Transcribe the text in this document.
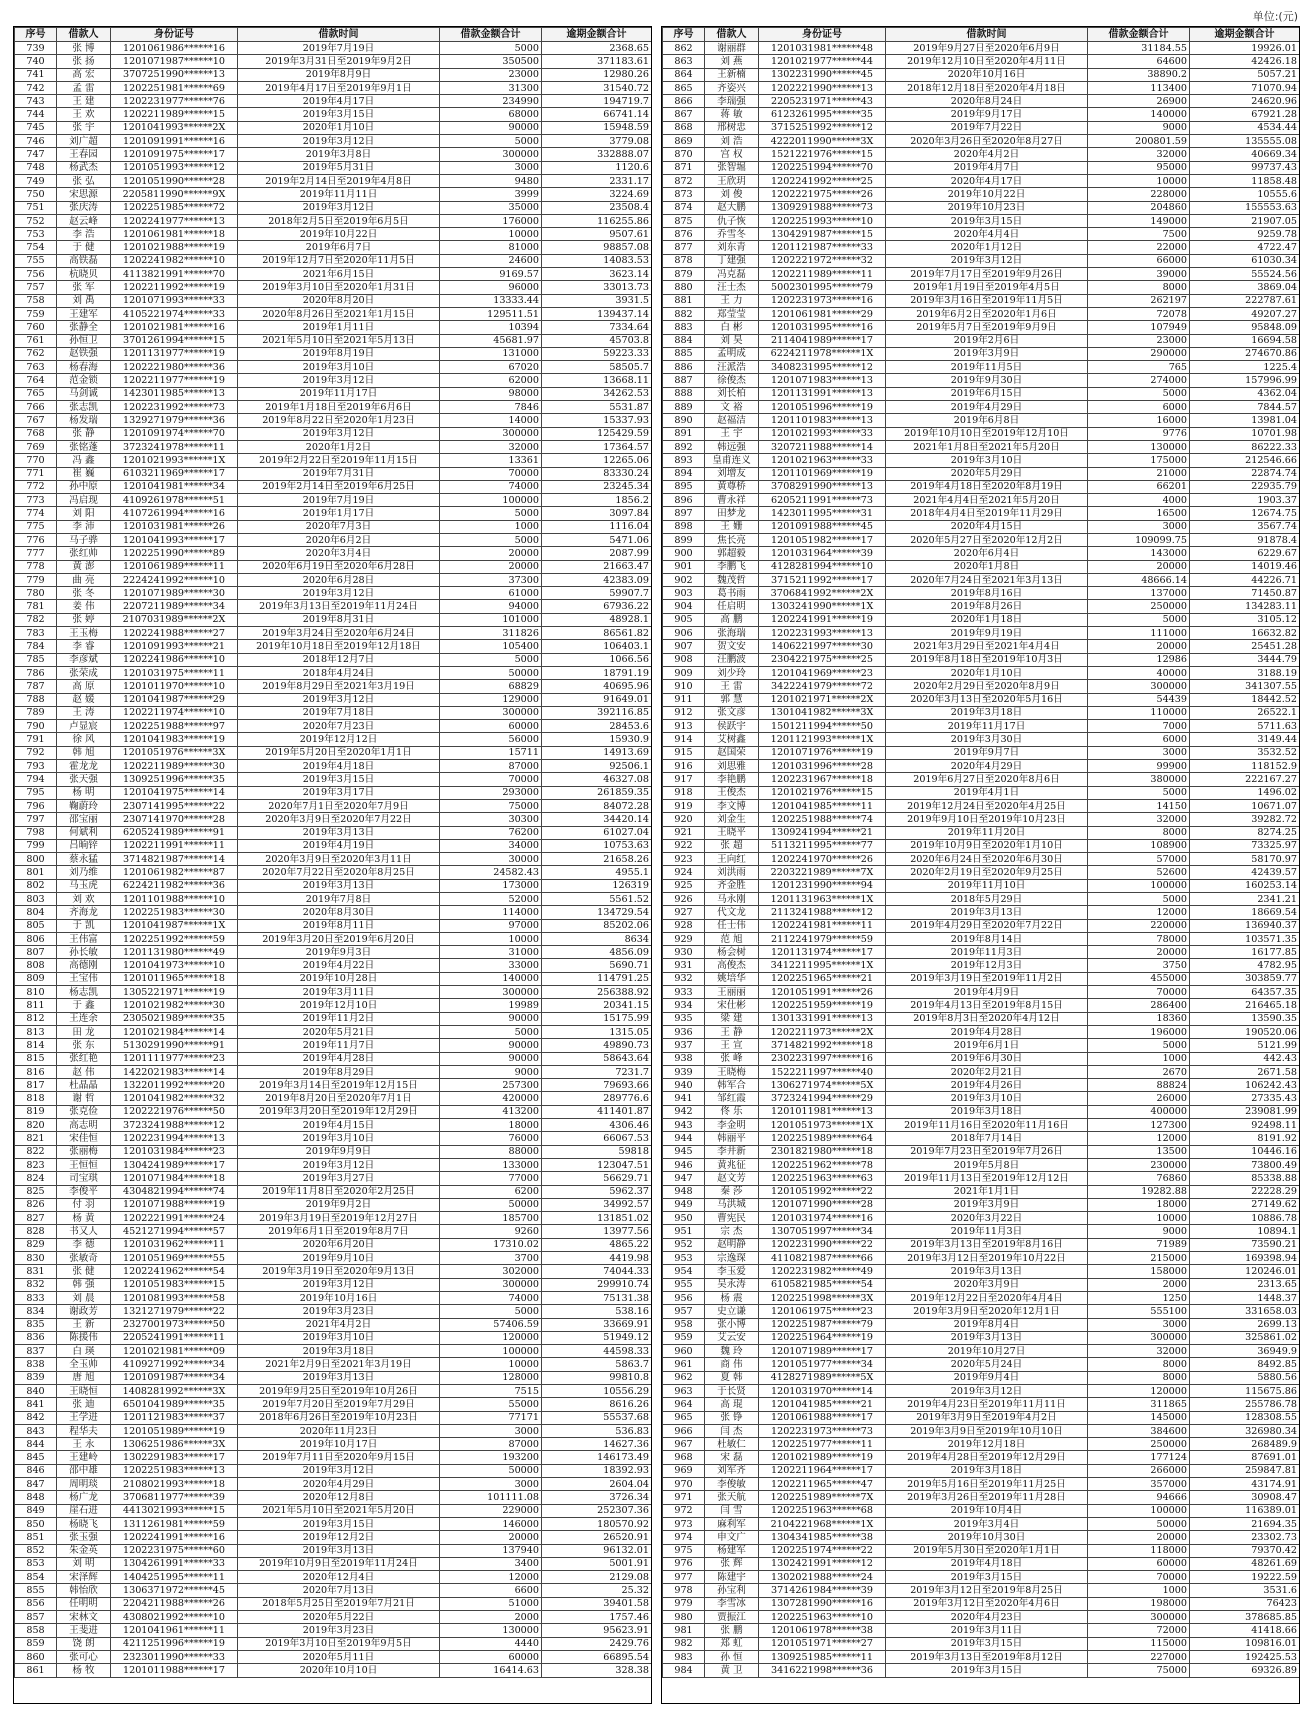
单位:(元)
序号	借款人	身份证号	借款时间	借款金额合计	逾期金额合计
739	张 博	1201061986******16	2019年7月19日	5000	2368.65
740	张 扬	1201071987******10	2019年3月31日至2019年9月2日	350500	371183.61
741	高 宏	3707251990******13	2019年8月9日	23000	12980.26
742	孟 雷	1202251981******69	2019年4月17日至2019年9月1日	31300	31540.72
743	王 建	1202231977******76	2019年4月17日	234990	194719.7
744	王 欢	1202211989******15	2019年3月15日	68000	66741.14
745	张 宇	1201041993******2X	2020年1月10日	90000	15948.59
746	刘广超	1201091991******16	2019年3月12日	5000	3779.08
747	王春园	1201091975******17	2019年3月8日	300000	332888.07
748	杨武杰	1201051993******12	2019年5月31日	3000	1120.6
749	张 弘	1201051990******28	2019年2月14日至2019年4月8日	9480	2331.17
750	宋思源	2205811990******9X	2019年11月11日	3999	3224.69
751	张庆涛	1202251985******72	2019年3月12日	35000	23508.4
752	赵云峰	1202241977******13	2018年2月5日至2019年6月5日	176000	116255.86
753	李 浩	1201061981******18	2019年10月22日	10000	9507.61
754	于 健	1201021988******19	2019年6月7日	81000	98857.08
755	高铁磊	1202241982******10	2019年12月7日至2020年11月5日	24600	14083.53
756	杭晓贝	4113821991******70	2021年6月15日	9169.57	3623.14
757	张 军	1202211992******19	2019年3月10日至2020年1月31日	96000	33013.73
758	刘 禹	1201071993******33	2020年8月20日	13333.44	3931.5
759	王建军	4105221974******33	2020年8月26日至2021年1月15日	129511.51	139437.14
760	张静全	1201021981******16	2019年1月11日	10394	7334.64
761	孙恒卫	3701261994******15	2021年5月10日至2021年5月13日	45681.97	45703.8
762	赵铁强	1201131977******19	2019年8月19日	131000	59223.33
763	杨春海	1202221980******36	2019年3月10日	67020	58505.7
764	范金锁	1202211977******19	2019年3月12日	62000	13668.11
765	马剑诚	1423011985******13	2019年11月17日	98000	34262.53
766	张志凯	1202231992******73	2019年1月18日至2019年6月6日	7846	5531.87
767	杨发瑞	1329271979******36	2019年8月22日至2020年1月23日	14000	15337.93
768	张 静	1201091974******70	2019年3月12日	300000	125429.59
769	张铭蓬	3723241978******11	2020年1月2日	32000	17364.57
770	冯 鑫	1201021993******1X	2019年2月22日至2019年11月15日	13361	12265.06
771	崔 巍	6103211969******17	2019年7月31日	70000	83330.24
772	孙中原	1201041981******34	2019年2月14日至2019年6月25日	74000	23245.34
773	冯启现	4109261978******51	2019年7月19日	100000	1856.2
774	刘 阳	4107261994******16	2019年1月17日	5000	3097.84
775	李 沛	1201031981******26	2020年7月3日	1000	1116.04
776	马子骅	1201041993******17	2020年6月2日	5000	5471.06
777	张红帅	1202251990******89	2020年3月4日	20000	2087.99
778	黄 澎	1201061989******11	2020年6月19日至2020年6月28日	20000	21663.47
779	曲 亮	2224241992******10	2020年6月28日	37300	42383.09
780	张 冬	1201071989******30	2019年3月12日	61000	59907.7
781	姜 伟	2207211989******34	2019年3月13日至2019年11月24日	94000	67936.22
782	张 婷	2107031989******2X	2019年8月31日	101000	48928.1
783	王玉梅	1202241988******27	2019年3月24日至2020年6月24日	311826	86561.82
784	李 睿	1201091993******21	2019年10月18日至2019年12月18日	105400	106403.1
785	李彦斌	1202241986******10	2018年12月7日	5000	1066.56
786	张荣成	1201031975******11	2018年4月24日	50000	18791.19
787	高 原	1201011970******10	2019年8月29日至2021年3月19日	68829	40695.96
788	赵 媛	1201041987******29	2019年3月12日	129000	91649.01
789	王 涛	1202211974******10	2019年7月18日	300000	392116.85
790	卢显宸	1202251988******97	2020年7月23日	60000	28453.6
791	徐 风	1201041983******19	2019年12月12日	56000	15930.9
792	韩 旭	1201051976******3X	2019年5月20日至2020年1月1日	15711	14913.69
793	霍龙龙	1202211989******30	2019年4月18日	87000	92506.1
794	张天强	1309251996******35	2019年3月15日	70000	46327.08
795	杨 明	1201041975******14	2019年3月17日	293000	261859.35
796	鞠蔚玲	2307141995******22	2020年7月1日至2020年7月9日	75000	84072.28
797	邵宝丽	2307141970******28	2020年3月9日至2020年7月22日	30300	34420.14
798	何斌利	6205241989******91	2019年3月13日	76200	61027.04
799	吕晌锌	1202211991******11	2019年4月19日	34000	10753.63
800	蔡永猛	3714821987******14	2020年3月9日至2020年3月11日	30000	21658.26
801	刘乃维	1201061982******87	2020年7月22日至2020年8月25日	24582.43	4955.1
802	马玉虎	6224211982******36	2019年3月13日	173000	126319
803	刘 欢	1201101988******10	2019年7月8日	52000	5561.52
804	齐海龙	1202251983******30	2020年8月30日	114000	134729.54
805	于 凯	1201041987******1X	2019年8月11日	97000	85202.06
806	王伟富	1202251992******59	2019年3月20日至2019年6月20日	10000	8634
807	孙长敏	1201131980******49	2019年9月3日	31000	4856.09
808	高德刚	1201041973******10	2019年4月22日	33000	5690.71
809	王宝伟	1201011965******18	2019年10月28日	140000	114791.25
810	杨志凯	1305221971******19	2019年3月11日	300000	256388.92
811	于 鑫	1201021982******30	2019年12月10日	19989	20341.15
812	王连余	2305021989******35	2019年11月2日	90000	15175.99
813	田 龙	1201021984******14	2020年5月21日	5000	1315.05
814	张 东	5130291990******91	2019年11月7日	90000	49890.73
815	张红艳	1201111977******23	2019年4月28日	90000	58643.64
816	赵 伟	1422021983******14	2019年8月29日	9000	7231.7
817	杜晶晶	1322011992******20	2019年3月14日至2019年12月15日	257300	79693.66
818	谢 哲	1201041982******32	2019年8月20日至2020年7月1日	420000	289776.6
819	张克俭	1202221976******50	2019年3月20日至2019年12月29日	413200	411401.87
820	高志明	3723241988******12	2019年4月15日	18000	4306.46
821	宋佳恒	1202231994******13	2019年3月10日	76000	66067.53
822	张丽梅	1201031984******23	2019年9月9日	88000	59818
823	王恒恒	1304241989******17	2019年3月12日	133000	123047.51
824	司宝琪	1201071984******18	2019年3月27日	77000	56629.71
825	李俊平	4304821994******74	2019年11月8日至2020年2月25日	6200	5962.37
826	付 羽	1201071988******19	2019年9月2日	50000	34992.57
827	杨 黄	1202221991******24	2019年3月19日至2019年12月27日	185700	131851.02
828	书又人	4521271994******57	2019年6月1日至2019年8月7日	9260	13977.56
829	李 德	1201031962******11	2020年6月20日	17310.02	4865.22
830	张敏奇	1201051969******55	2019年9月10日	3700	4419.98
831	张 健	1202241962******54	2019年3月19日至2020年9月13日	302000	74044.33
832	韩 强	1201051983******15	2019年3月12日	300000	299910.74
833	刘 晨	1201081993******58	2019年10月16日	74000	75131.38
834	谢政芳	1321271979******22	2019年3月23日	5000	538.16
835	王 新	2327001973******50	2021年4月2日	57406.59	33669.91
836	陈援伟	2205241991******11	2019年3月10日	120000	51949.12
837	白 瑛	1201021981******09	2019年3月18日	100000	44598.33
838	全玉帅	4109271992******34	2021年2月9日至2021年3月19日	10000	5863.7
839	唐 旭	1201091987******34	2019年3月13日	128000	99810.8
840	王晓恒	1408281992******3X	2019年9月25日至2019年10月26日	7515	10556.29
841	张 迪	6501041989******35	2019年7月20日至2019年7月29日	55000	8616.26
842	王学进	1201121983******37	2018年6月26日至2019年10月23日	77171	55537.68
843	程华夫	1201051989******19	2020年11月23日	3000	536.83
844	王 永	1306251986******3X	2019年10月17日	87000	14627.36
845	王建岭	1302291983******17	2019年7月11日至2020年9月15日	193200	146173.49
846	邵中雄	1202251983******13	2019年3月12日	50000	18392.93
847	周明琰	2108021993******18	2020年4月29日	3000	2604.04
848	杨广龙	3706811977******39	2020年12月8日	101111.08	3726.34
849	崖石进	4413021993******15	2021年5月10日至2021年5月20日	229000	252307.36
850	杨晓飞	1311261981******59	2019年3月15日	146000	180570.92
851	张玉强	1202241991******16	2019年12月2日	20000	26520.91
852	朱金英	1202231975******60	2019年3月13日	137940	96132.01
853	刘 明	1304261991******33	2019年10月9日至2019年11月24日	3400	5001.91
854	宋泽辉	1404251995******11	2020年12月4日	12000	2129.08
855	韩怡欣	1306371972******45	2020年7月13日	6600	25.32
856	任明明	2204211988******26	2018年5月25日至2019年7月21日	51000	39401.58
857	宋林文	4308021992******10	2020年5月22日	2000	1757.46
858	王斐进	1201041961******11	2019年3月23日	130000	95623.91
859	饶 朗	4211251996******19	2019年3月10日至2019年9月5日	4440	2429.76
860	张可心	2323011990******33	2020年5月11日	60000	66895.54
861	杨 牧	1201011988******17	2020年10月10日	16414.63	328.38
序号	借款人	身份证号	借款时间	借款金额合计	逾期金额合计
862	谢丽群	1201031981******48	2019年9月27日至2020年6月9日	31184.55	19926.01
863	刘 燕	1201021977******44	2019年12月10日至2020年4月11日	64600	42426.18
864	王新楠	1302231990******45	2020年10月16日	38890.2	5057.21
865	齐姿兴	1202221990******13	2018年12月18日至2020年4月18日	113400	71070.94
866	李瑞强	2205231971******43	2020年8月24日	26900	24620.96
867	蒋 敏	6123261995******35	2019年9月17日	140000	67921.28
868	邢树忠	3715251992******12	2019年7月22日	9000	4534.44
869	刘 浩	4222011990******3X	2020年3月26日至2020年8月27日	200801.59	135555.08
870	宫 权	1521221976******15	2020年4月2日	32000	40669.34
871	张智堀	1202251994******70	2019年4月7日	95000	99737.43
872	王欣玥	1202241992******25	2020年4月17日	10000	11858.48
873	刘 俊	1202221975******26	2019年10月22日	228000	10555.6
874	赵大鹏	1309291988******73	2019年10月23日	204860	155553.63
875	仇子恢	1202251993******10	2019年3月15日	149000	21907.05
876	乔雪冬	1304291987******15	2020年4月4日	7500	9259.78
877	刘东青	1201121987******33	2020年1月12日	22000	4722.47
878	丁建强	1202221972******32	2019年3月12日	66000	61030.34
879	冯克磊	1202211989******11	2019年7月17日至2019年9月26日	39000	55524.56
880	汪士杰	5002301995******79	2019年1月19日至2019年4月5日	8000	3869.04
881	王 力	1202231973******16	2019年3月16日至2019年11月5日	262197	222787.61
882	郑莹莹	1201061981******29	2019年6月2日至2020年1月6日	72078	49207.27
883	白 彬	1201031995******16	2019年5月7日至2019年9月9日	107949	95848.09
884	刘 昊	2114041989******17	2019年2月6日	23000	16694.58
885	孟明成	6224211978******1X	2019年3月9日	290000	274670.86
886	汪派浩	3408231995******12	2019年11月5日	765	1225.4
887	徐俊杰	1201071983******13	2019年9月30日	274000	157996.99
888	刘长柏	1201131991******13	2019年6月15日	5000	4362.04
889	文 裕	1201051996******19	2019年4月29日	6000	7844.57
890	赵福洁	1201101983******13	2019年6月8日	16000	13981.04
891	王 宇	1201021993******33	2019年10月10日至2019年12月10日	9776	10701.98
892	韩远强	3207211988******14	2021年1月8日至2021年5月20日	130000	86222.33
893	皇甫连义	1201021963******33	2019年3月10日	175000	212546.66
894	刘增友	1201101969******19	2020年5月29日	21000	22874.74
895	黄尊桥	3708291990******13	2019年4月18日至2020年8月19日	66201	22935.79
896	曹永祥	6205211991******73	2021年4月4日至2021年5月20日	4000	1903.37
897	田梦龙	1423011995******31	2018年4月4日至2019年11月29日	16500	12674.75
898	王 姗	1201091988******45	2020年4月15日	3000	3567.74
899	焦长亮	1201051982******17	2020年5月27日至2020年12月2日	109099.75	91878.4
900	郭超毅	1201031964******39	2020年6月4日	143000	6229.67
901	李鹏飞	4128281994******10	2020年1月8日	20000	14019.46
902	魏茂哲	3715211992******17	2020年7月24日至2021年3月13日	48666.14	44226.71
903	葛书雨	3706841992******2X	2019年8月16日	137000	71450.87
904	任启明	1303241990******1X	2019年8月26日	250000	134283.11
905	高 鹏	1202241991******19	2020年1月18日	5000	3105.12
906	张海瑞	1202231993******13	2019年9月19日	111000	16632.82
907	贺文安	1406221997******30	2021年3月29日至2021年4月4日	20000	25451.28
908	汪鹏波	2304221975******25	2019年8月18日至2019年10月3日	12986	3444.79
909	刘少玲	1201041969******23	2020年1月10日	40000	3188.19
910	王 雷	3422241979******72	2020年2月29日至2020年8月9日	300000	341307.55
911	郭 慧	1201021971******2X	2020年3月13日至2020年5月16日	54439	18442.52
912	张文彦	1301041982******3X	2019年3月18日	110000	26522.1
913	侯跃宇	1501211994******50	2019年11月17日	7000	5711.63
914	艾树鑫	1201121993******1X	2019年3月30日	6000	3149.44
915	赵国荣	1201071976******19	2019年9月7日	3000	3532.52
916	刘思雅	1201031996******28	2020年4月29日	99900	118152.9
917	李艳鹏	1202231967******18	2019年6月27日至2020年8月6日	380000	222167.27
918	王俊杰	1201021976******15	2019年4月1日	5000	1496.02
919	李文博	1201041985******11	2019年12月24日至2020年4月25日	14150	10671.07
920	刘金生	1202251988******74	2019年9月10日至2019年10月23日	32000	39282.72
921	王晓平	1309241994******21	2019年11月20日	8000	8274.25
922	张 超	5113211995******77	2019年10月9日至2020年1月10日	108900	73325.97
923	王向红	1202241970******26	2020年6月24日至2020年6月30日	57000	58170.97
924	刘洪雨	2203221989******7X	2020年2月19日至2020年9月25日	52600	42439.57
925	齐金胜	1201231990******94	2019年11月10日	100000	160253.14
926	马永刚	1201131963******1X	2018年5月29日	5000	2341.21
927	代文龙	2113241988******12	2019年3月13日	12000	18669.54
928	任士伟	1202241981******11	2019年4月29日至2020年7月22日	220000	136940.37
929	范 旭	2112241979******59	2019年8月14日	78000	103571.35
930	杨会树	1201131974******17	2019年11月3日	20000	16177.85
931	高俊杰	3412211995******1X	2019年12月3日	3750	4782.95
932	姚培华	1202251965******21	2019年3月19日至2019年11月2日	455000	303859.77
933	王丽丽	1201051991******26	2019年4月9日	70000	64357.35
934	宋仕彬	1202251959******19	2019年4月13日至2019年8月15日	286400	216465.18
935	梁 建	1301331991******13	2019年8月3日至2020年4月12日	18360	13590.35
936	王 静	1202211973******2X	2019年4月28日	196000	190520.06
937	王 宣	3714821992******18	2019年6月1日	5000	5121.99
938	张 峰	2302231997******16	2019年6月30日	1000	442.43
939	王晓梅	1522211997******40	2020年2月21日	2670	2671.58
940	韩军合	1306271974******5X	2019年4月26日	88824	106242.43
941	邹红霞	3723241994******29	2019年3月10日	26000	27335.43
942	佟 乐	1201011981******13	2019年3月18日	400000	239081.99
943	李金明	1201051973******1X	2019年11月16日至2020年11月16日	127300	92498.11
944	韩丽平	1202251989******64	2018年7月14日	12000	8191.92
945	李井新	2301821980******18	2019年7月23日至2019年7月26日	13500	10446.16
946	黄兆征	1202251962******78	2019年5月8日	230000	73800.49
947	赵文芳	1202251963******63	2019年11月13日至2019年12月12日	76860	85338.88
948	秦 莎	1201051992******22	2021年1月1日	19282.88	22228.29
949	马洪城	1201071990******28	2019年3月9日	18000	27149.62
950	曹宪民	1201031974******16	2020年3月22日	10000	10886.78
951	宗 杰	1307051997******34	2019年11月3日	9000	10894.1
952	赵明静	1202231990******22	2019年3月13日至2019年8月16日	71989	73590.21
953	宗逸琛	4110821987******66	2019年3月12日至2019年10月22日	215000	169398.94
954	李玉爱	1202231982******49	2019年3月13日	158000	120246.01
955	吴永涛	6105821985******54	2020年3月9日	2000	2313.65
956	杨 震	1202251998******3X	2019年12月22日至2020年4月4日	1250	1448.37
957	史立谦	1201061975******23	2019年3月9日至2020年12月1日	555100	331658.03
958	张小博	1202251987******79	2019年8月4日	3000	2699.13
959	艾云安	1202251964******19	2019年3月13日	300000	325861.02
960	魏 玲	1201071989******17	2019年10月27日	32000	36949.9
961	商 伟	1201051977******34	2020年5月24日	8000	8492.85
962	夏 韩	4128271989******5X	2019年9月4日	8000	5880.56
963	于长贤	1201031970******14	2019年3月12日	120000	115675.86
964	高 琨	1201041985******21	2019年4月23日至2019年11月11日	311865	255786.78
965	张 铮	1201061988******17	2019年3月9日至2019年4月2日	145000	128308.55
966	闫 杰	1202231973******73	2019年3月9日至2019年10月10日	384600	326980.34
967	杜敏仁	1202251977******11	2019年12月18日	250000	268489.9
968	宋 磊	1201021989******19	2019年4月28日至2019年12月29日	177124	87691.01
969	刘军齐	1202211964******17	2019年3月18日	266000	259847.81
970	李俊敏	1202211965******47	2019年5月16日至2019年11月25日	357000	43174.91
971	张天航	1202251989******7X	2019年3月26日至2019年11月28日	94666	30908.47
972	闫 雪	1202251963******68	2019年10月4日	100000	116389.01
973	麻利军	2104221968******1X	2019年3月4日	50000	21694.35
974	申文广	1304341985******38	2019年10月30日	20000	23302.73
975	杨建军	1202251974******22	2019年5月30日至2020年1月1日	118000	79370.42
976	张 辉	1302421991******12	2019年4月18日	60000	48261.69
977	陈建宇	1302021988******24	2019年3月15日	70000	19222.59
978	孙宝利	3714261984******39	2019年3月12日至2019年8月25日	1000	3531.6
979	李雪冰	1307281990******16	2019年3月12日至2020年4月6日	198000	76423
980	贾振江	1202251963******10	2020年4月23日	300000	378685.85
981	张 鹏	1201061978******38	2019年3月11日	72000	41418.66
982	郑 虹	1201051971******27	2019年3月15日	115000	109816.01
983	孙 恒	1309251985******11	2019年3月13日至2019年8月12日	227000	192425.53
984	黄 卫	3416221998******36	2019年3月15日	75000	69326.89
